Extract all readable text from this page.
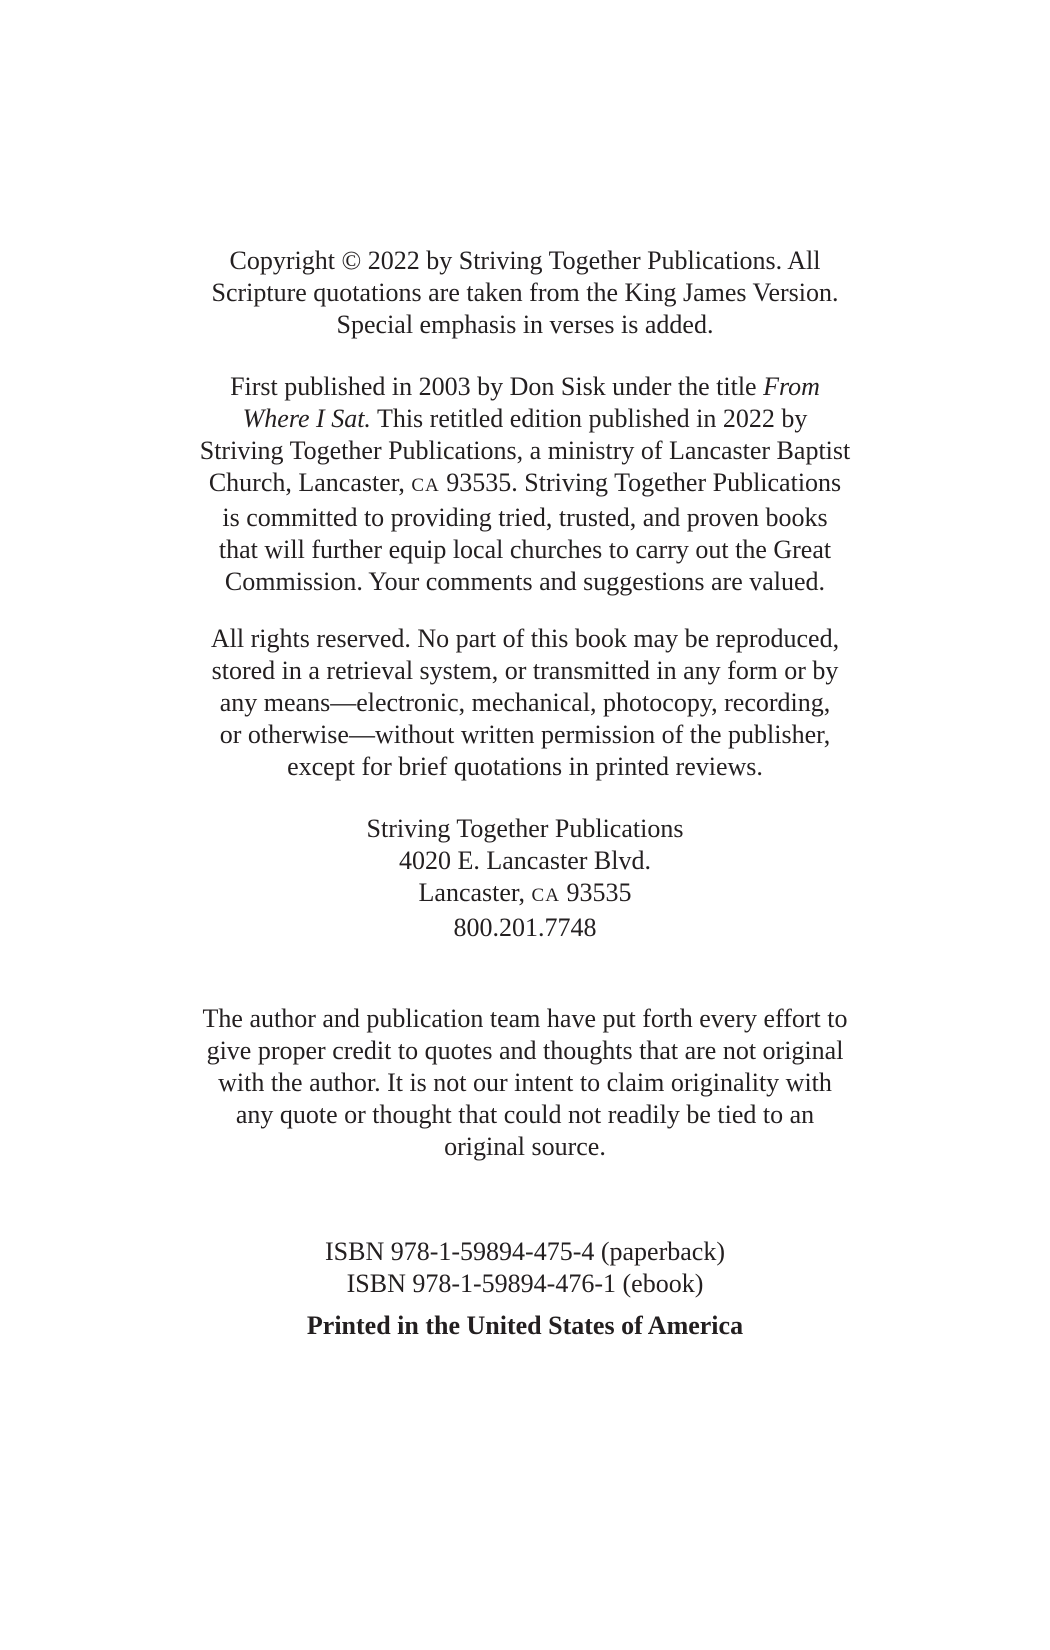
Copyright © 2022 by Striving Together Publications. All
Scripture quotations are taken from the King James Version.
Special emphasis in verses is added.
First published in 2003 by Don Sisk under the title From
Where I Sat. This retitled edition published in 2022 by
Striving Together Publications, a ministry of Lancaster Baptist
Church, Lancaster, CA 93535. Striving Together Publications
is committed to providing tried, trusted, and proven books
that will further equip local churches to carry out the Great
Commission. Your comments and suggestions are valued.
All rights reserved. No part of this book may be reproduced,
stored in a retrieval system, or transmitted in any form or by
any means—electronic, mechanical, photocopy, recording,
or otherwise—without written permission of the publisher,
except for brief quotations in printed reviews.
Striving Together Publications
4020 E. Lancaster Blvd.
Lancaster, CA 93535
800.201.7748
The author and publication team have put forth every effort to
give proper credit to quotes and thoughts that are not original
with the author. It is not our intent to claim originality with
any quote or thought that could not readily be tied to an
original source.
ISBN 978-1-59894-475-4 (paperback)
ISBN 978-1-59894-476-1 (ebook)
Printed in the United States of America
